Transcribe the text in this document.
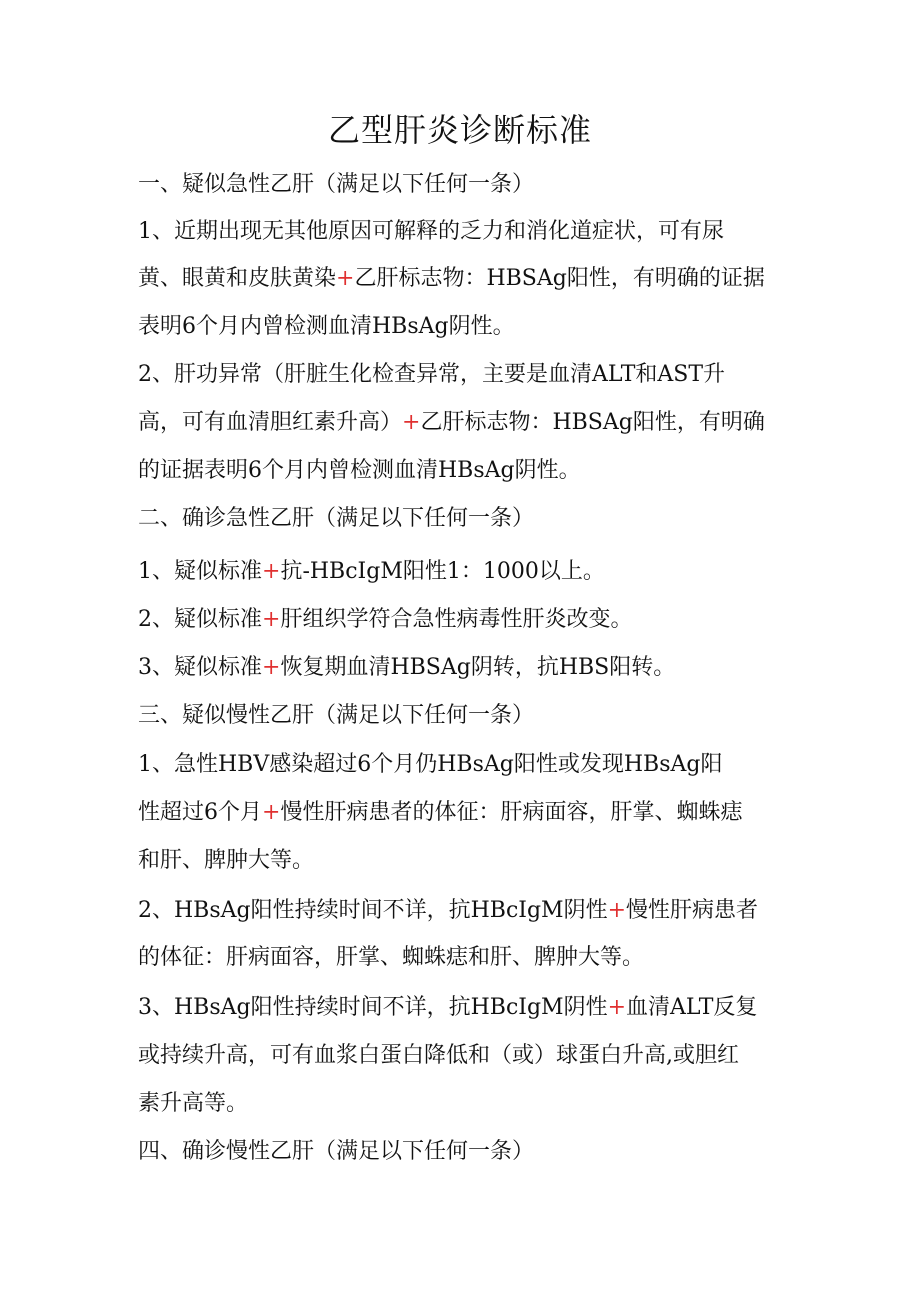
乙型肝炎诊断标准
一、疑似急性乙肝（满足以下任何一条）
1、近期出现无其他原因可解释的乏力和消化道症状，可有尿
黄、眼黄和皮肤黄染+乙肝标志物：HBSAg阳性，有明确的证据
表明6个月内曾检测血清HBsAg阴性。
2、肝功异常（肝脏生化检查异常，主要是血清ALT和AST升
高，可有血清胆红素升高）+乙肝标志物：HBSAg阳性，有明确
的证据表明6个月内曾检测血清HBsAg阴性。
二、确诊急性乙肝（满足以下任何一条）
1、疑似标准+抗-HBcIgM阳性1：1000以上。
2、疑似标准+肝组织学符合急性病毒性肝炎改变。
3、疑似标准+恢复期血清HBSAg阴转，抗HBS阳转。
三、疑似慢性乙肝（满足以下任何一条）
1、急性HBV感染超过6个月仍HBsAg阳性或发现HBsAg阳
性超过6个月+慢性肝病患者的体征：肝病面容，肝掌、蜘蛛痣
和肝、脾肿大等。
2、HBsAg阳性持续时间不详，抗HBcIgM阴性+慢性肝病患者
的体征：肝病面容，肝掌、蜘蛛痣和肝、脾肿大等。
3、HBsAg阳性持续时间不详，抗HBcIgM阴性+血清ALT反复
或持续升高，可有血浆白蛋白降低和（或）球蛋白升高,或胆红
素升高等。
四、确诊慢性乙肝（满足以下任何一条）
